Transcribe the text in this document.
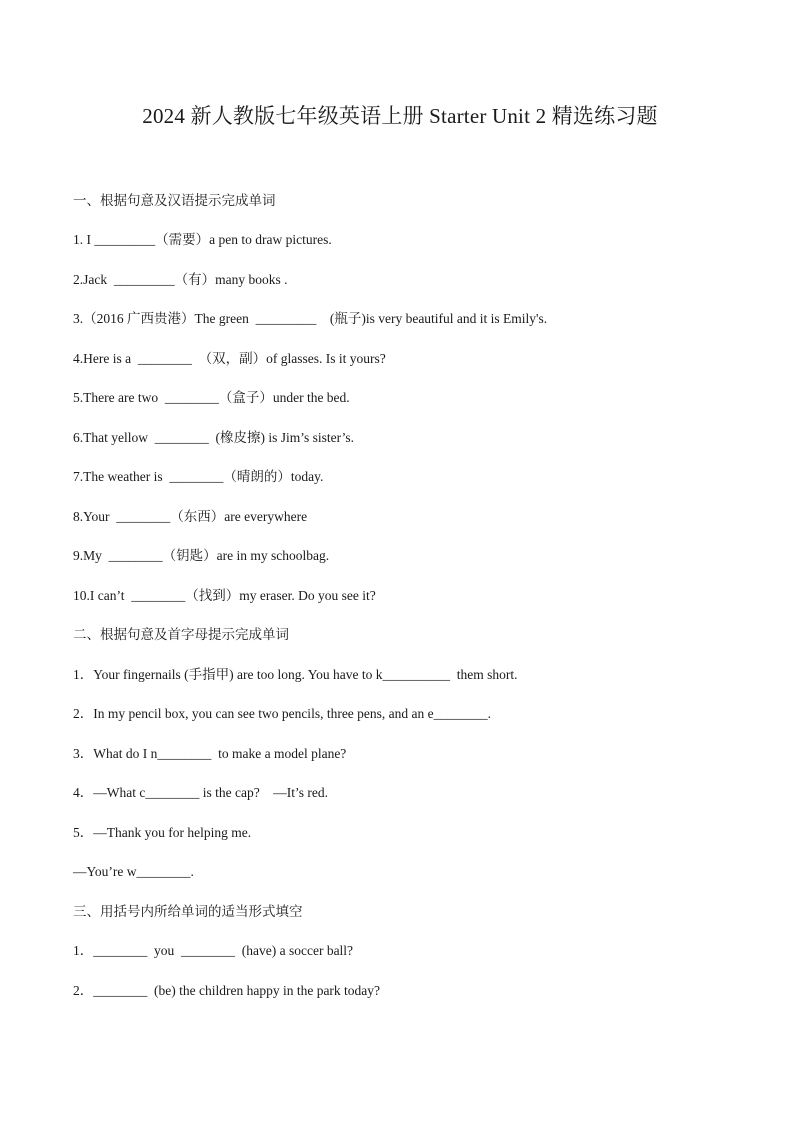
2024 新人教版七年级英语上册 Starter Unit 2 精选练习题
一、根据句意及汉语提示完成单词
1. I _________（需要）a pen to draw pictures.
2.Jack  _________（有）many books .
3.（2016 广西贵港）The green  _________    (瓶子)is very beautiful and it is Emily's.
4.Here is a  ________  （双，副）of glasses. Is it yours?
5.There are two  ________（盒子）under the bed.
6.That yellow  ________  (橡皮擦) is Jim’s sister’s.
7.The weather is  ________（晴朗的）today.
8.Your  ________（东西）are everywhere
9.My  ________（钥匙）are in my schoolbag.
10.I can’t  ________（找到）my eraser. Do you see it?
二、根据句意及首字母提示完成单词
1．Your fingernails (手指甲) are too long. You have to k__________  them short.
2．In my pencil box, you can see two pencils, three pens, and an e________.
3．What do I n________  to make a model plane?
4．—What c________ is the cap?    —It’s red.
5．—Thank you for helping me.
—You’re w________.
三、用括号内所给单词的适当形式填空
1．________  you  ________  (have) a soccer ball?
2．________  (be) the children happy in the park today?
